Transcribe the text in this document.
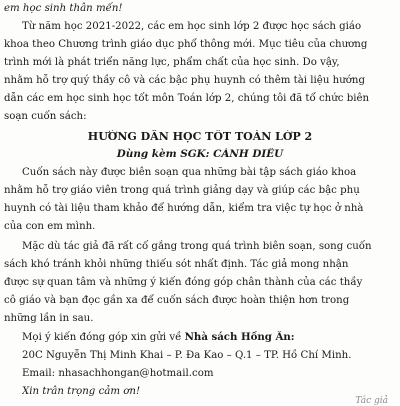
em học sinh thân mến!
Từ năm học 2021-2022, các em học sinh lớp 2 được học sách giáo
khoa theo Chương trình giáo dục phổ thông mới. Mục tiêu của chương
trình mới là phát triển năng lực, phẩm chất của học sinh. Do vậy,
nhằm hỗ trợ quý thầy cô và các bậc phụ huynh có thêm tài liệu hướng
dẫn các em học sinh học tốt môn Toán lớp 2, chúng tôi đã tổ chức biên
soạn cuốn sách:
HƯỚNG DẪN HỌC TỐT TOÁN LỚP 2
Dùng kèm SGK: CÁNH DIỀU
Cuốn sách này được biên soạn qua những bài tập sách giáo khoa
nhằm hỗ trợ giáo viên trong quá trình giảng dạy và giúp các bậc phụ
huynh có tài liệu tham khảo để hướng dẫn, kiểm tra việc tự học ở nhà
của con em mình.
Mặc dù tác giả đã rất cố gắng trong quá trình biên soạn, song cuốn
sách khó tránh khỏi những thiếu sót nhất định. Tác giả mong nhận
được sự quan tâm và những ý kiến đóng góp chân thành của các thầy
cô giáo và bạn đọc gần xa để cuốn sách được hoàn thiện hơn trong
những lần in sau.
Mọi ý kiến đóng góp xin gửi về Nhà sách Hồng Ân:
20C Nguyễn Thị Minh Khai – P. Đa Kao – Q.1 – TP. Hồ Chí Minh.
Email: nhasachhongan@hotmail.com
Xin trân trọng cảm ơn!
Tác giả
